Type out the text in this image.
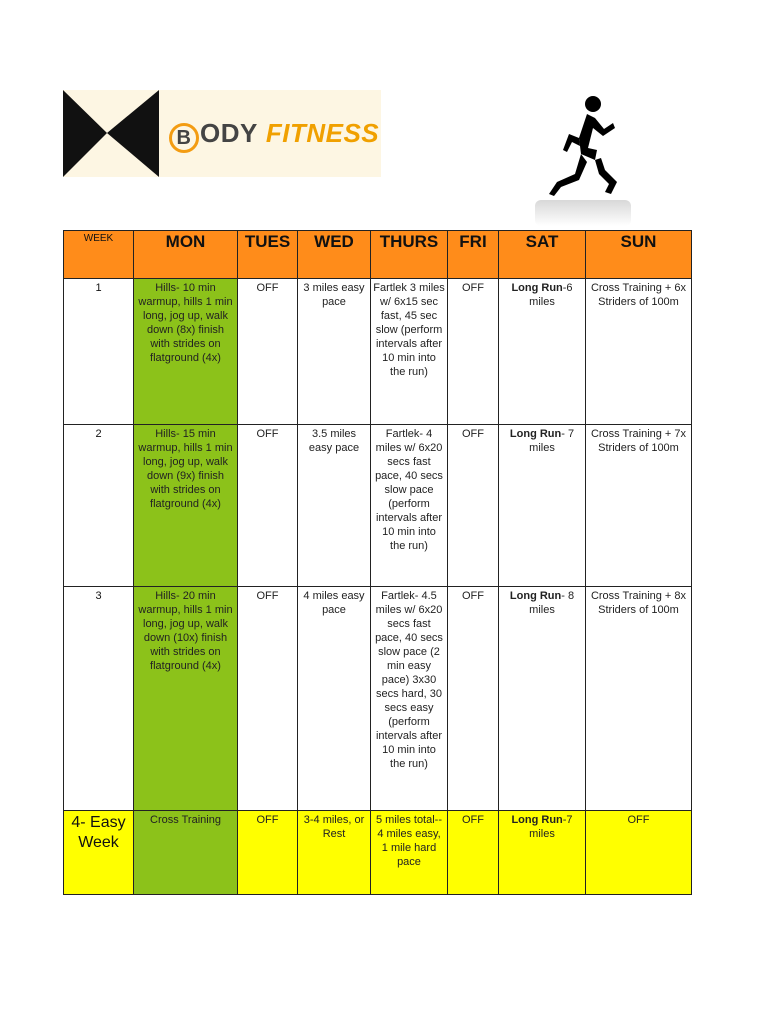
B ODY FITNESS
WEEK	MON	TUES	WED	THURS	FRI	SAT	SUN
1	Hills- 10 min warmup, hills 1 min long, jog up, walk down (8x) finish with strides on flatground (4x)	OFF	3 miles easy pace	Fartlek 3 miles w/ 6x15 sec fast, 45 sec slow (perform intervals after 10 min into the run)	OFF	Long Run-6 miles	Cross Training + 6x Striders of 100m
2	Hills- 15 min warmup, hills 1 min long, jog up, walk down (9x) finish with strides on flatground (4x)	OFF	3.5 miles easy pace	Fartlek- 4 miles w/ 6x20 secs fast pace, 40 secs slow pace (perform intervals after 10 min into the run)	OFF	Long Run- 7 miles	Cross Training + 7x Striders of 100m
3	Hills- 20 min warmup, hills 1 min long, jog up, walk down (10x) finish with strides on flatground (4x)	OFF	4 miles easy pace	Fartlek- 4.5 miles w/ 6x20 secs fast pace, 40 secs slow pace (2 min easy pace) 3x30 secs hard, 30 secs easy (perform intervals after 10 min into the run)	OFF	Long Run- 8 miles	Cross Training + 8x Striders of 100m
4- Easy Week	Cross Training	OFF	3-4 miles, or Rest	5 miles total-- 4 miles easy, 1 mile hard pace	OFF	Long Run-7 miles	OFF
